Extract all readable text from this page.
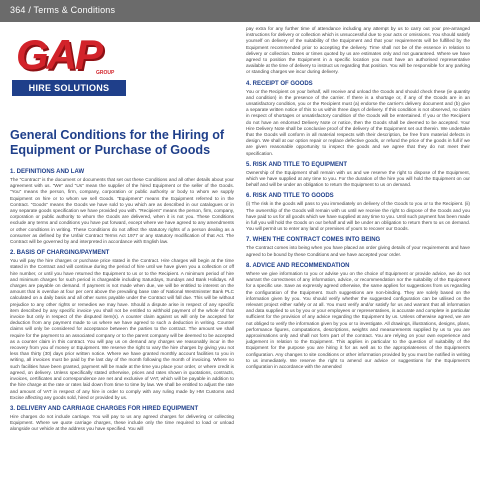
364 / Terms & Conditions
GAP
GROUP
HIRE SOLUTIONS
General Conditions for the Hiring of Equipment or Purchase of Goods
1. DEFINITIONS AND LAW

The "Contract" is the document or documents that set out these Conditions and all other details about your agreement with us. "We" and "Us" mean the supplier of the hired Equipment or the seller of the Goods. "You" means the person, firm, company, corporation or public authority or body to whom we supply Equipment on hire or to whom we sell Goods. "Equipment" means the Equipment referred to in the Contract. "Goods" means the Goods we have sold to you which are as described in our catalogues or in any separate goods specification we have provided you with. "Recipient" means the person, firm, company, corporation or public authority to whom the Goods are delivered, when it is not you. These Conditions exclude any terms and conditions you have put forward, except where we have agreed to any amendments or other conditions in writing. These Conditions do not affect the statutory rights of a person dealing as a consumer as defined by the Unfair Contract Terms Act 1977 or any statutory modification of that Act. The Contract will be governed by and interpreted in accordance with English law.

2. BASIS OF CHARGING/PAYMENT

You will pay the hire charges or purchase price stated in the Contract. Hire charges will begin at the time stated in the Contract and will continue during the period of hire until we have given you a collection or off hire number, or until you have returned the Equipment to us or to the Recipient. A minimum period of hire and minimum charges for such period is chargeable including Saturdays, Sundays and Bank Holidays. All charges are payable on demand. If payment is not made when due, we will be entitled to interest on the amount that is overdue at four per cent above the prevailing base rate of National Westminster Bank PLC calculated on a daily basis and all other sums payable under the Contract will fall due. This will be without prejudice to any other rights or remedies we may have. Should a dispute arise in respect of any specific item described by any specific invoice you shall not be entitled to withhold payment of the whole of that invoice but only in respect of the disputed item(s). A counter claim against us will only be accepted for deduction from any payment made to us where we have agreed to such a deduction in writing. Counter claims will only be considered for acceptance between the parties to the contract. The amount we shall require for the payment to an associated company or to the parent company will be deemed to be accepted as a counter claim in this contract. You will pay us on demand any charges we reasonably incur in the recovery from you of money or Equipment. We reserve the right to vary the hire charges by giving you not less than thirty (30) days prior written notice. Where we have granted monthly account facilities to you in writing, all invoices must be paid by the last day of the month following the month of invoicing. Where no such facilities have been granted, payment will be made at the time you place your order, or where credit is agreed, on delivery. Unless specifically stated otherwise, prices and rates shown in quotations, contracts, invoices, certificates and correspondence are net and exclusive of VAT, which will be payable in addition to the hire charge at the rate or rates laid down from time to time by law. We shall be entitled to adjust the rate and amount of VAT in respect of any hire in order to comply with any ruling made by HM Customs and Excise affecting any goods sold, hired or provided by us.

3. DELIVERY AND CARRIAGE CHARGES FOR HIRED EQUIPMENT

Hire charges do not include carriage. You will pay to us any agreed charges for delivering or collecting Equipment. Where we quote carriage charges, these include only the time required to load or unload alongside our vehicle at the address you have specified. You will

pay extra for any further time of attendance including any attempt by us to carry out your pre-arranged instructions for delivery or collection which is unsuccessful due to your acts or omissions. You should satisfy yourself on delivery of the suitability of the Equipment and that your requirements will be fulfilled by the Equipment recommended prior to accepting the delivery. Time shall not be of the essence in relation to delivery or collection. Dates or times quoted by us are estimates only and not guaranteed. Where we have agreed to position the Equipment in a specific location you must have an authorised representative available at the time of delivery to instruct us regarding that position. You will be responsible for any parking or standing charges we incur during delivery.

4. RECEIPT OF GOODS

You or the Recipient on your behalf, will receive and unload the Goods and should check these (ie quantity and condition) in the presence of the carrier. If there is a shortage or, if any of the Goods are in an unsatisfactory condition, you or the Recipient must (a) endorse the carrier's delivery document and (b) give a separate written notice of this to us within three days of delivery. If this condition is not observed, no claim in respect of shortages or unsatisfactory condition of the Goods will be entertained. If you or the Recipient do not have an endorsed Delivery Note or notice, then the Goods shall be deemed to be accepted. Your Hire Delivery Note shall be conclusive proof of the delivery of the Equipment set out therein. We undertake that the Goods will conform in all material respects with their description, be free from material defects in design. We shall at our option repair or replace defective goods, or refund the price of the goods in full if we are given reasonable opportunity to inspect the goods and we agree that they do not meet their specification.

5. RISK AND TITLE TO EQUIPMENT

Ownership of the Equipment shall remain with us and we reserve the right to dispose of the Equipment, which we have supplied at any time to you. For the duration of the hire you will hold the Equipment on our behalf and will be under an obligation to return the Equipment to us on demand.

6. RISK AND TITLE TO GOODS

(i) The risk in the goods will pass to you immediately on delivery of the Goods to you or to the Recipient. (ii) The ownership of the Goods will remain with us until we receive the right to dispose of the Goods and you have paid to us for all goods which we have supplied at any time to you. Until such payment has been made in full you will hold the Goods on our behalf and will be under an obligation to return them to us on demand. You will permit us to enter any land or premises of yours to recover our Goods.

7. WHEN THE CONTRACT COMES INTO BEING

The Contract comes into being when you have placed an order giving details of your requirements and have agreed to be bound by these Conditions and we have accepted your order.

8. ADVICE AND RECOMMENDATION

Where we give information to you or advise you on the choice of Equipment or provide advice, we do not warrant the correctness of any information, advice, or recommendation nor the suitability of the Equipment for a specific use. Save as expressly agreed otherwise, the same applies for suggestions from us regarding the configuration of the Equipment. Such suggestions are non-binding. They are solely based on the information given by you. You should verify whether the suggested configuration can be utilised on the relevant project either safely or at all. You must verify and/or satisfy for us and warrant that all information and data supplied to us by you or your employees or representatives, is accurate and complete in particular sufficient for the provision of any advice regarding the Equipment by us. Unless otherwise agreed, we are not obliged to verify the information given by you or to investigate. All drawings, illustrations, designs, plans, performance figures, computations, descriptions, weights and measurements supplied by us to you are approximations only and shall not form part of the contract. You are relying on your own experience and judgement in relation to the Equipment. This applies in particular to the question of suitability of the Equipment for the purpose you are hiring it for as well as to the appropriateness of the Equipment's configuration. Any changes to site conditions or other information provided by you must be notified in writing to us immediately. We reserve the right to amend our advice or suggestions for the Equipment's configuration in accordance with the amended
